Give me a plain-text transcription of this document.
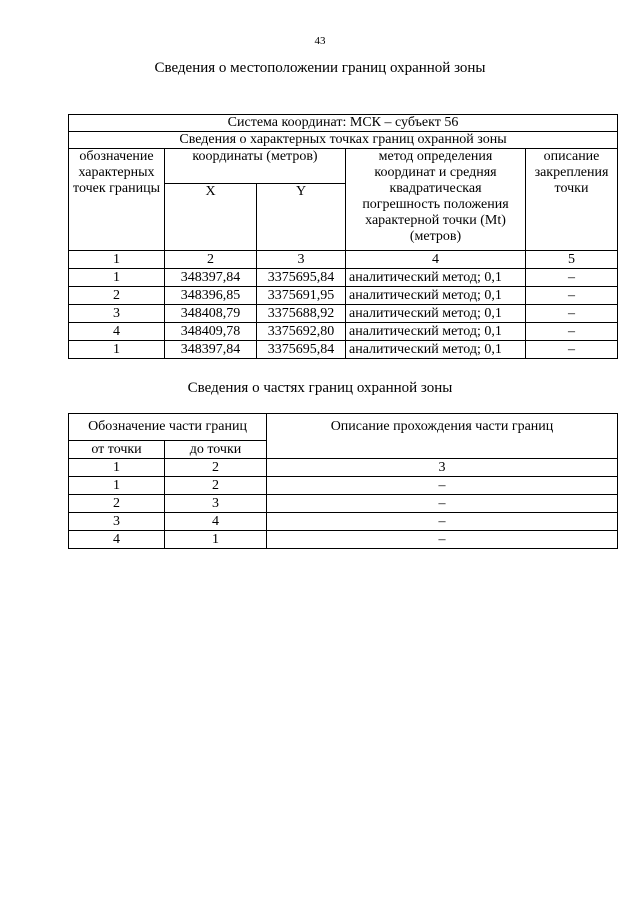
43
Сведения о местоположении границ охранной зоны
Система координат: МСК – субъект 56				
Сведения о характерных точках границ охранной зоны				
обозначение характерных точек границы	координаты (метров)		метод определения координат и средняя квадратическая погрешность положения характерной точки (Mt) (метров)	описание закрепления точки
	X	Y		
1	2	3	4	5
1	348397,84	3375695,84	аналитический метод; 0,1	–
2	348396,85	3375691,95	аналитический метод; 0,1	–
3	348408,79	3375688,92	аналитический метод; 0,1	–
4	348409,78	3375692,80	аналитический метод; 0,1	–
1	348397,84	3375695,84	аналитический метод; 0,1	–
Сведения о частях границ охранной зоны
Обозначение части границ		Описание прохождения части границ
от точки	до точки	
1	2	3
1	2	–
2	3	–
3	4	–
4	1	–
